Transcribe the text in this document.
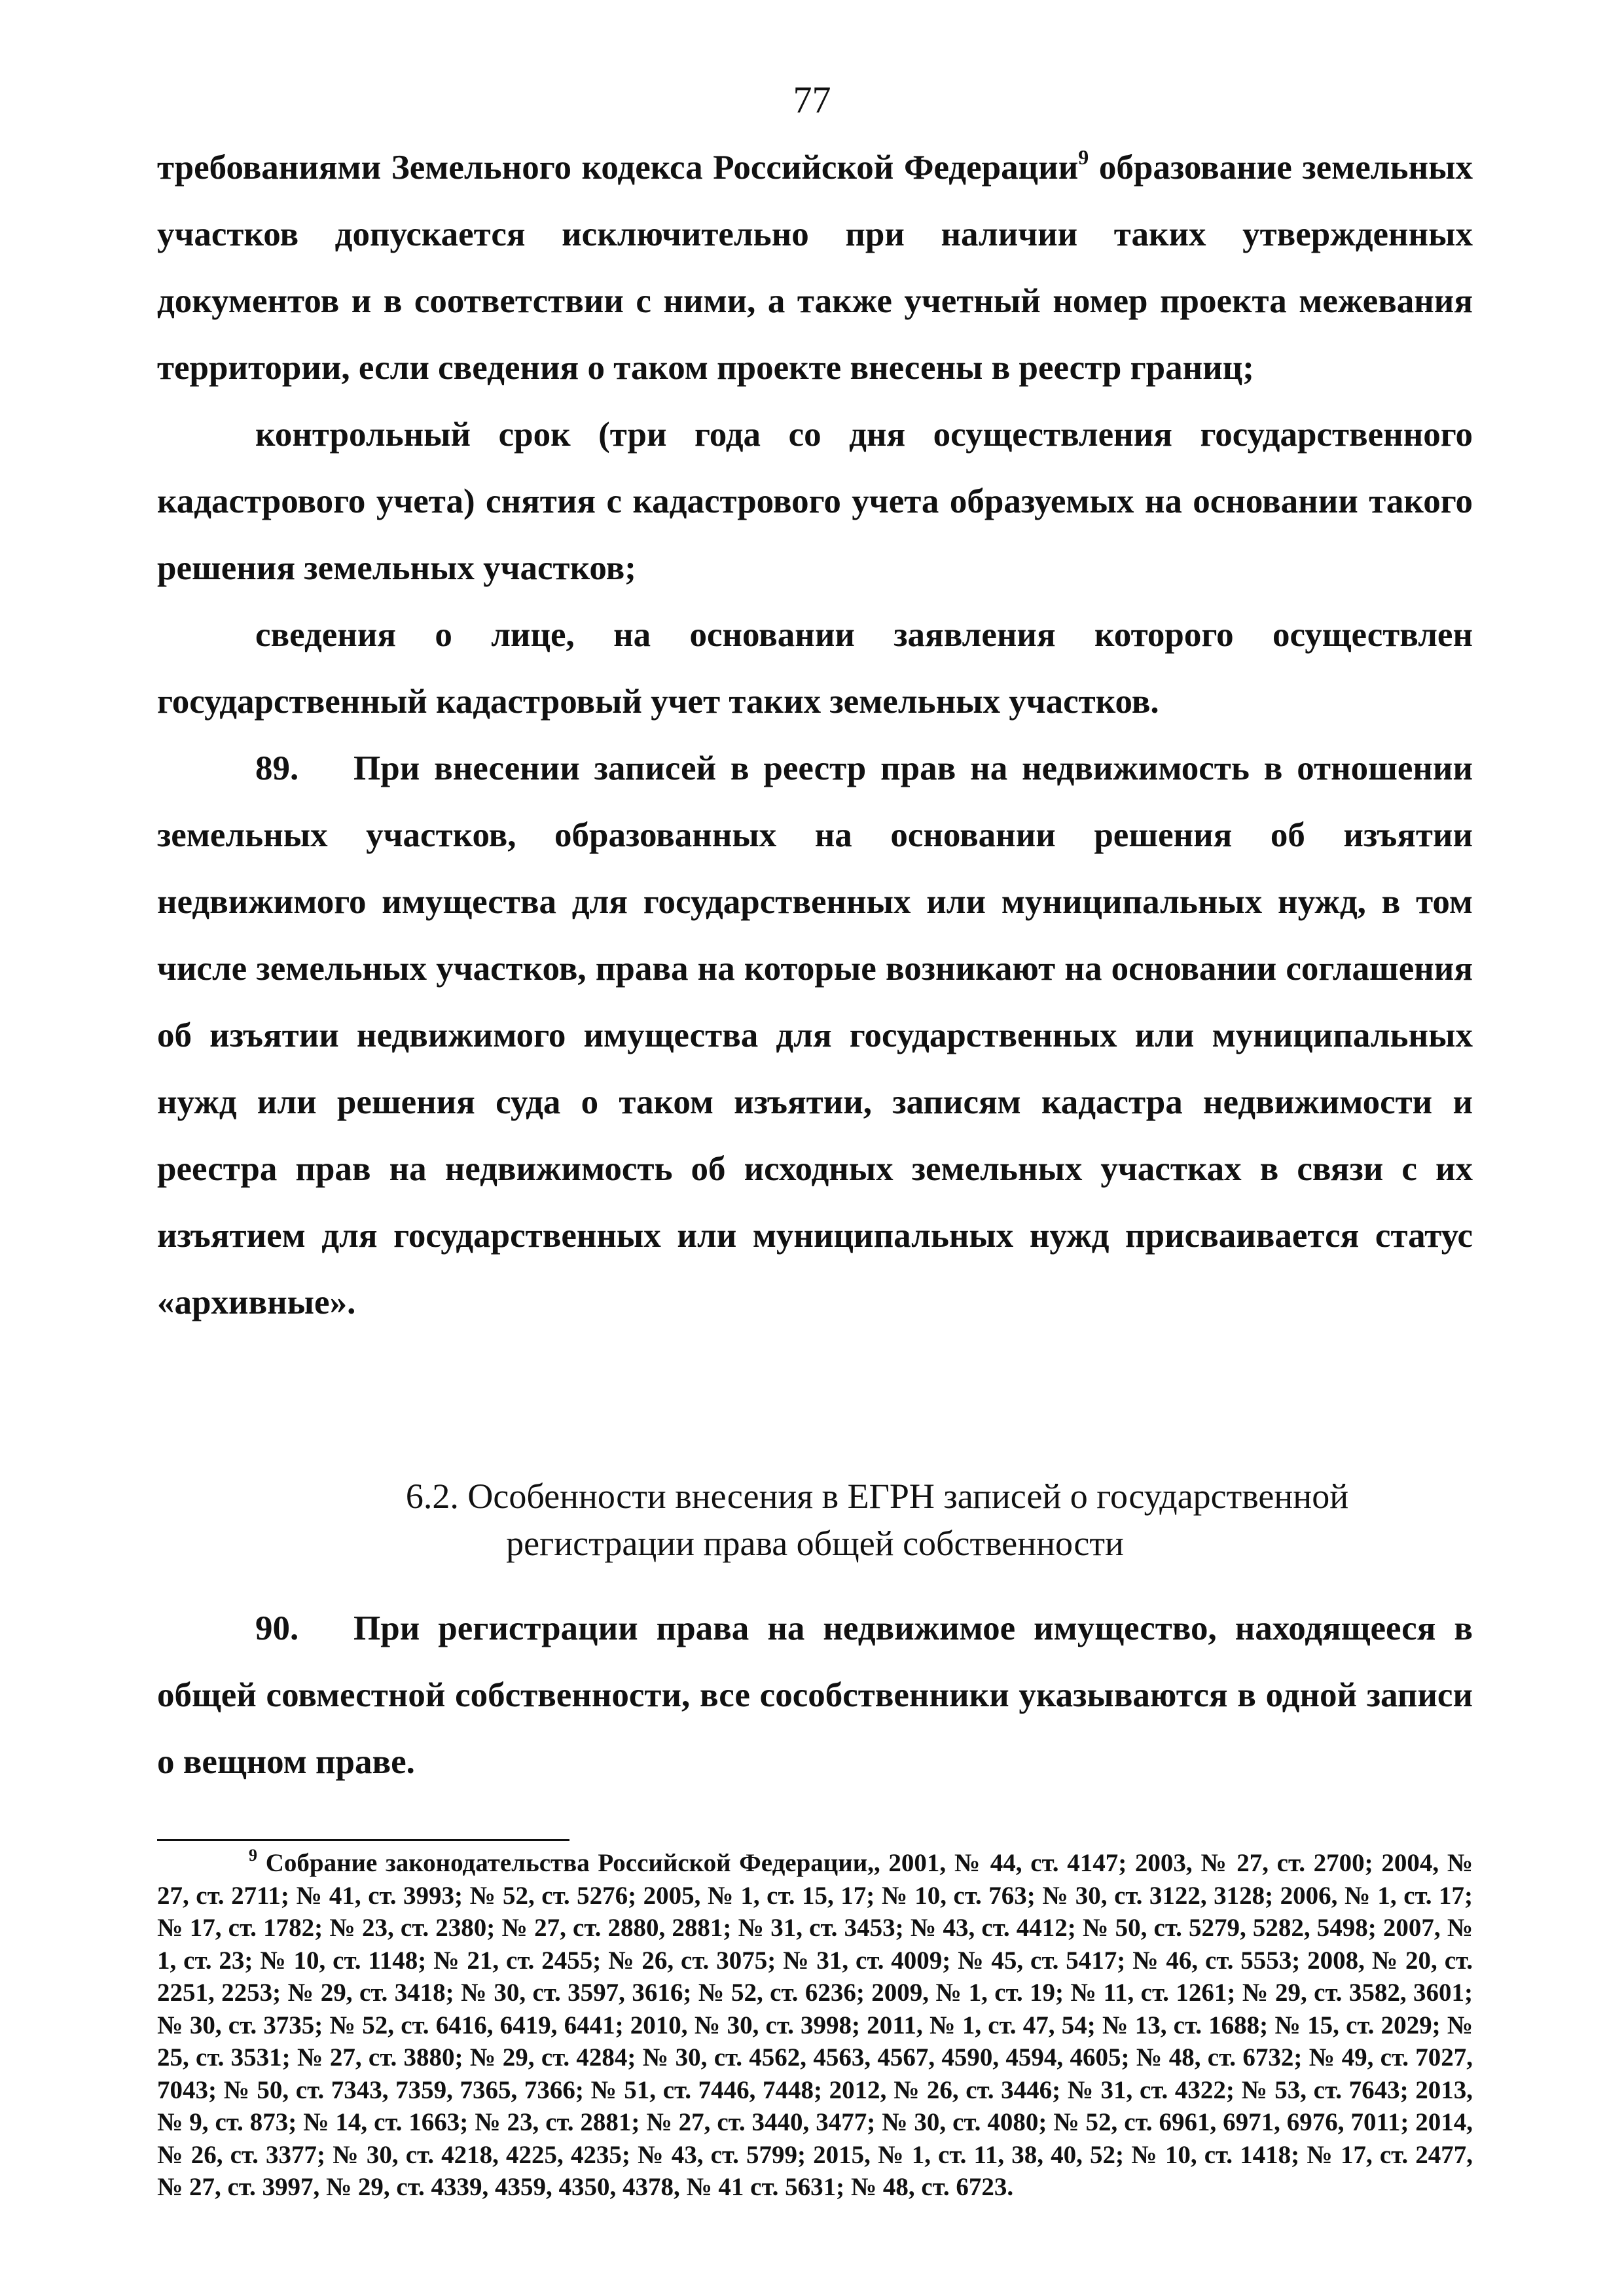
77

требованиями Земельного кодекса Российской Федерации$^9$ образование земельных участков допускается исключительно при наличии таких утвержденных документов и в соответствии с ними, а также учетный номер проекта межевания территории, если сведения о таком проекте внесены в реестр границ;

контрольный срок (три года со дня осуществления государственного кадастрового учета) снятия с кадастрового учета образуемых на основании такого решения земельных участков;

сведения о лице, на основании заявления которого осуществлен государственный кадастровый учет таких земельных участков.

89. При внесении записей в реестр прав на недвижимость в отношении земельных участков, образованных на основании решения об изъятии недвижимого имущества для государственных или муниципальных нужд, в том числе земельных участков, права на которые возникают на основании соглашения об изъятии недвижимого имущества для государственных или муниципальных нужд или решения суда о таком изъятии, записям кадастра недвижимости и реестра прав на недвижимость об исходных земельных участках в связи с их изъятием для государственных или муниципальных нужд присваивается статус «архивные».

6.2. Особенности внесения в ЕГРН записей о государственной
регистрации права общей собственности

90. При регистрации права на недвижимое имущество, находящееся в общей совместной собственности, все сособственники указываются в одной записи о вещном праве.

$^9$ Собрание законодательства Российской Федерации,, 2001, № 44, ст. 4147; 2003, № 27, ст. 2700; 2004, № 27, ст. 2711; № 41, ст. 3993; № 52, ст. 5276; 2005, № 1, ст. 15, 17; № 10, ст. 763; № 30, ст. 3122, 3128; 2006, № 1, ст. 17; № 17, ст. 1782; № 23, ст. 2380; № 27, ст. 2880, 2881; № 31, ст. 3453; № 43, ст. 4412; № 50, ст. 5279, 5282, 5498; 2007, № 1, ст. 23; № 10, ст. 1148; № 21, ст. 2455; № 26, ст. 3075; № 31, ст. 4009; № 45, ст. 5417; № 46, ст. 5553; 2008, № 20, ст. 2251, 2253; № 29, ст. 3418; № 30, ст. 3597, 3616; № 52, ст. 6236; 2009, № 1, ст. 19; № 11, ст. 1261; № 29, ст. 3582, 3601; № 30, ст. 3735; № 52, ст. 6416, 6419, 6441; 2010, № 30, ст. 3998; 2011, № 1, ст. 47, 54; № 13, ст. 1688; № 15, ст. 2029; № 25, ст. 3531; № 27, ст. 3880; № 29, ст. 4284; № 30, ст. 4562, 4563, 4567, 4590, 4594, 4605; № 48, ст. 6732; № 49, ст. 7027, 7043; № 50, ст. 7343, 7359, 7365, 7366; № 51, ст. 7446, 7448; 2012, № 26, ст. 3446; № 31, ст. 4322; № 53, ст. 7643; 2013, № 9, ст. 873; № 14, ст. 1663; № 23, ст. 2881; № 27, ст. 3440, 3477; № 30, ст. 4080; № 52, ст. 6961, 6971, 6976, 7011; 2014, № 26, ст. 3377; № 30, ст. 4218, 4225, 4235; № 43, ст. 5799; 2015, № 1, ст. 11, 38, 40, 52; № 10, ст. 1418; № 17, ст. 2477, № 27, ст. 3997, № 29, ст. 4339, 4359, 4350, 4378, № 41 ст. 5631; № 48, ст. 6723.
